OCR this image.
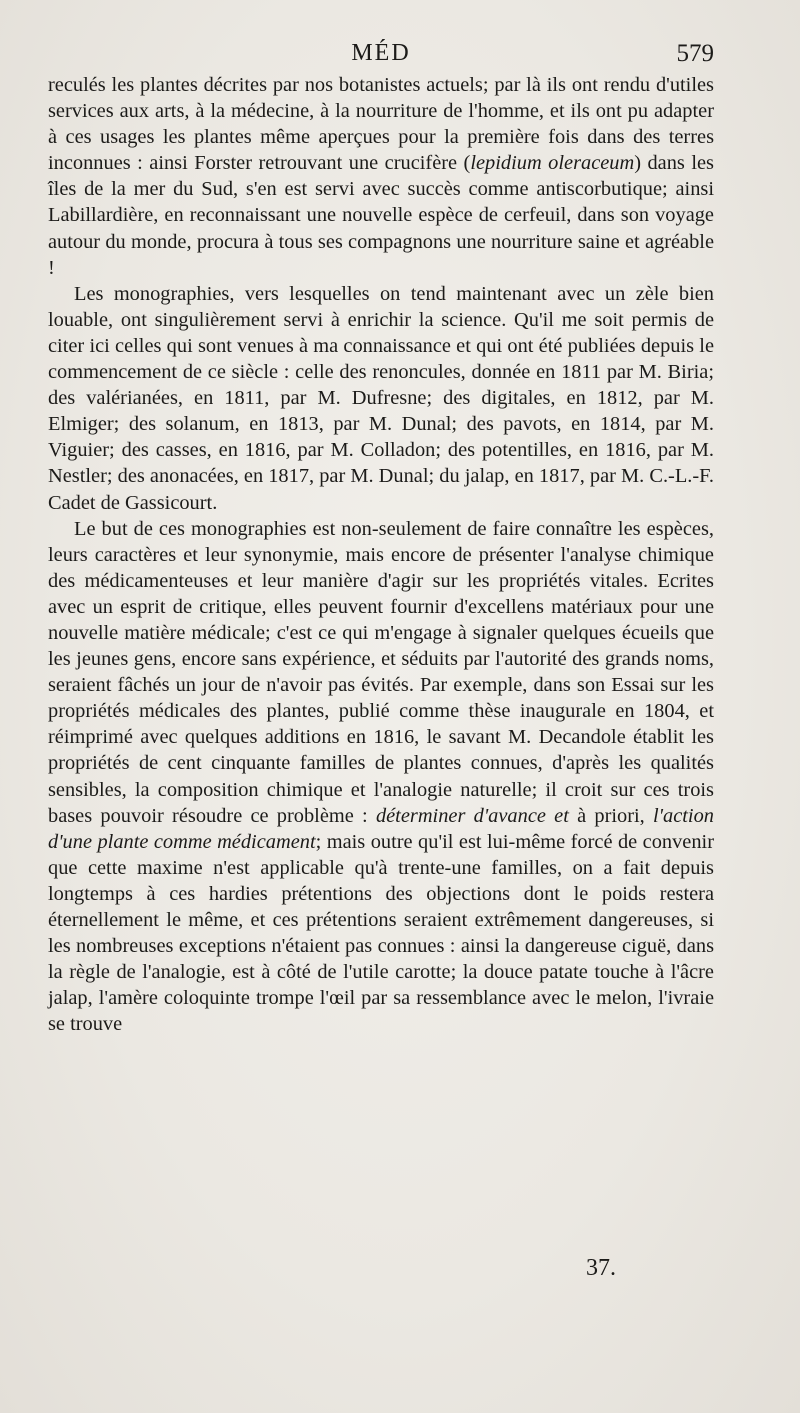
MÉD	579

reculés les plantes décrites par nos botanistes actuels; par là ils ont rendu d'utiles services aux arts, à la médecine, à la nourriture de l'homme, et ils ont pu adapter à ces usages les plantes même aperçues pour la première fois dans des terres inconnues : ainsi Forster retrouvant une crucifère (lepidium oleraceum) dans les îles de la mer du Sud, s'en est servi avec succès comme antiscorbutique; ainsi Labillardière, en reconnaissant une nouvelle espèce de cerfeuil, dans son voyage autour du monde, procura à tous ses compagnons une nourriture saine et agréable !

Les monographies, vers lesquelles on tend maintenant avec un zèle bien louable, ont singulièrement servi à enrichir la science. Qu'il me soit permis de citer ici celles qui sont venues à ma connaissance et qui ont été publiées depuis le commencement de ce siècle : celle des renoncules, donnée en 1811 par M. Biria; des valérianées, en 1811, par M. Dufresne; des digitales, en 1812, par M. Elmiger; des solanum, en 1813, par M. Dunal; des pavots, en 1814, par M. Viguier; des casses, en 1816, par M. Colladon; des potentilles, en 1816, par M. Nestler; des anonacées, en 1817, par M. Dunal; du jalap, en 1817, par M. C.-L.-F. Cadet de Gassicourt.

Le but de ces monographies est non-seulement de faire connaître les espèces, leurs caractères et leur synonymie, mais encore de présenter l'analyse chimique des médicamenteuses et leur manière d'agir sur les propriétés vitales. Ecrites avec un esprit de critique, elles peuvent fournir d'excellens matériaux pour une nouvelle matière médicale; c'est ce qui m'engage à signaler quelques écueils que les jeunes gens, encore sans expérience, et séduits par l'autorité des grands noms, seraient fâchés un jour de n'avoir pas évités. Par exemple, dans son Essai sur les propriétés médicales des plantes, publié comme thèse inaugurale en 1804, et réimprimé avec quelques additions en 1816, le savant M. Decandole établit les propriétés de cent cinquante familles de plantes connues, d'après les qualités sensibles, la composition chimique et l'analogie naturelle; il croit sur ces trois bases pouvoir résoudre ce problème : déterminer d'avance et à priori, l'action d'une plante comme médicament; mais outre qu'il est lui-même forcé de convenir que cette maxime n'est applicable qu'à trente-une familles, on a fait depuis longtemps à ces hardies prétentions des objections dont le poids restera éternellement le même, et ces prétentions seraient extrêmement dangereuses, si les nombreuses exceptions n'étaient pas connues : ainsi la dangereuse ciguë, dans la règle de l'analogie, est à côté de l'utile carotte; la douce patate touche à l'âcre jalap, l'amère coloquinte trompe l'œil par sa ressemblance avec le melon, l'ivraie se trouve

37.
